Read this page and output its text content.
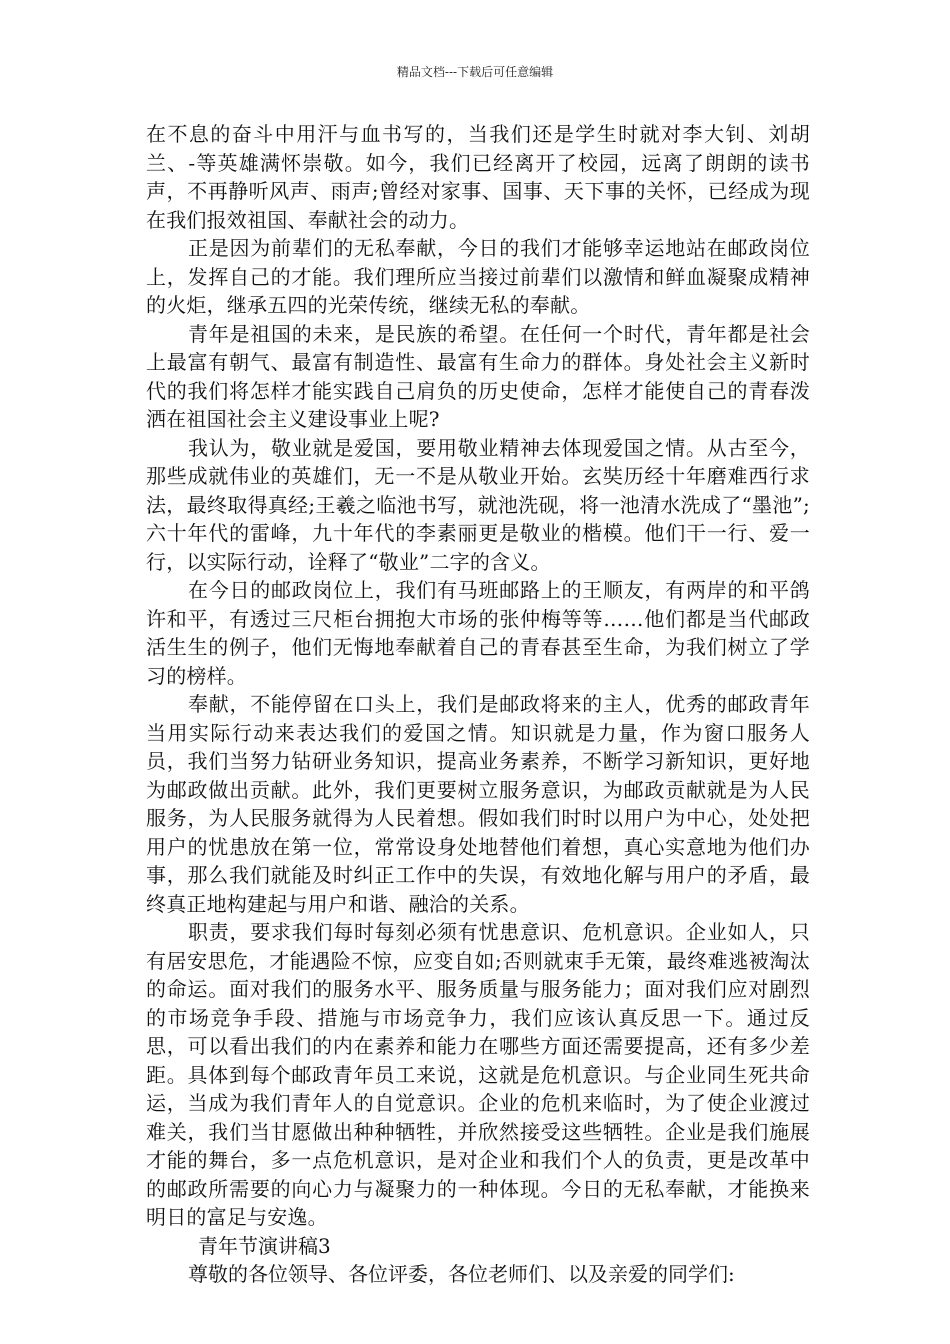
精品文档---下载后可任意编辑

在不息的奋斗中用汗与血书写的，当我们还是学生时就对李大钊、刘胡兰、-等英雄满怀崇敬。如今，我们已经离开了校园，远离了朗朗的读书声，不再静听风声、雨声;曾经对家事、国事、天下事的关怀，已经成为现在我们报效祖国、奉献社会的动力。

正是因为前辈们的无私奉献，今日的我们才能够幸运地站在邮政岗位上，发挥自己的才能。我们理所应当接过前辈们以激情和鲜血凝聚成精神的火炬，继承五四的光荣传统，继续无私的奉献。

青年是祖国的未来，是民族的希望。在任何一个时代，青年都是社会上最富有朝气、最富有制造性、最富有生命力的群体。身处社会主义新时代的我们将怎样才能实践自己肩负的历史使命，怎样才能使自己的青春泼洒在祖国社会主义建设事业上呢?

我认为，敬业就是爱国，要用敬业精神去体现爱国之情。从古至今，那些成就伟业的英雄们，无一不是从敬业开始。玄奘历经十年磨难西行求法，最终取得真经;王羲之临池书写，就池洗砚，将一池清水洗成了“墨池”;六十年代的雷峰，九十年代的李素丽更是敬业的楷模。他们干一行、爱一行，以实际行动，诠释了“敬业”二字的含义。

在今日的邮政岗位上，我们有马班邮路上的王顺友，有两岸的和平鸽许和平，有透过三尺柜台拥抱大市场的张仲梅等等……他们都是当代邮政活生生的例子，他们无悔地奉献着自己的青春甚至生命，为我们树立了学习的榜样。

奉献，不能停留在口头上，我们是邮政将来的主人，优秀的邮政青年当用实际行动来表达我们的爱国之情。知识就是力量，作为窗口服务人员，我们当努力钻研业务知识，提高业务素养，不断学习新知识，更好地为邮政做出贡献。此外，我们更要树立服务意识，为邮政贡献就是为人民服务，为人民服务就得为人民着想。假如我们时时以用户为中心，处处把用户的忧患放在第一位，常常设身处地替他们着想，真心实意地为他们办事，那么我们就能及时纠正工作中的失误，有效地化解与用户的矛盾，最终真正地构建起与用户和谐、融洽的关系。

职责，要求我们每时每刻必须有忧患意识、危机意识。企业如人，只有居安思危，才能遇险不惊，应变自如;否则就束手无策，最终难逃被淘汰的命运。面对我们的服务水平、服务质量与服务能力；面对我们应对剧烈的市场竞争手段、措施与市场竞争力，我们应该认真反思一下。通过反思，可以看出我们的内在素养和能力在哪些方面还需要提高，还有多少差距。具体到每个邮政青年员工来说，这就是危机意识。与企业同生死共命运，当成为我们青年人的自觉意识。企业的危机来临时，为了使企业渡过难关，我们当甘愿做出种种牺牲，并欣然接受这些牺牲。企业是我们施展才能的舞台，多一点危机意识，是对企业和我们个人的负责，更是改革中的邮政所需要的向心力与凝聚力的一种体现。今日的无私奉献，才能换来明日的富足与安逸。

青年节演讲稿3

尊敬的各位领导、各位评委，各位老师们、以及亲爱的同学们:
